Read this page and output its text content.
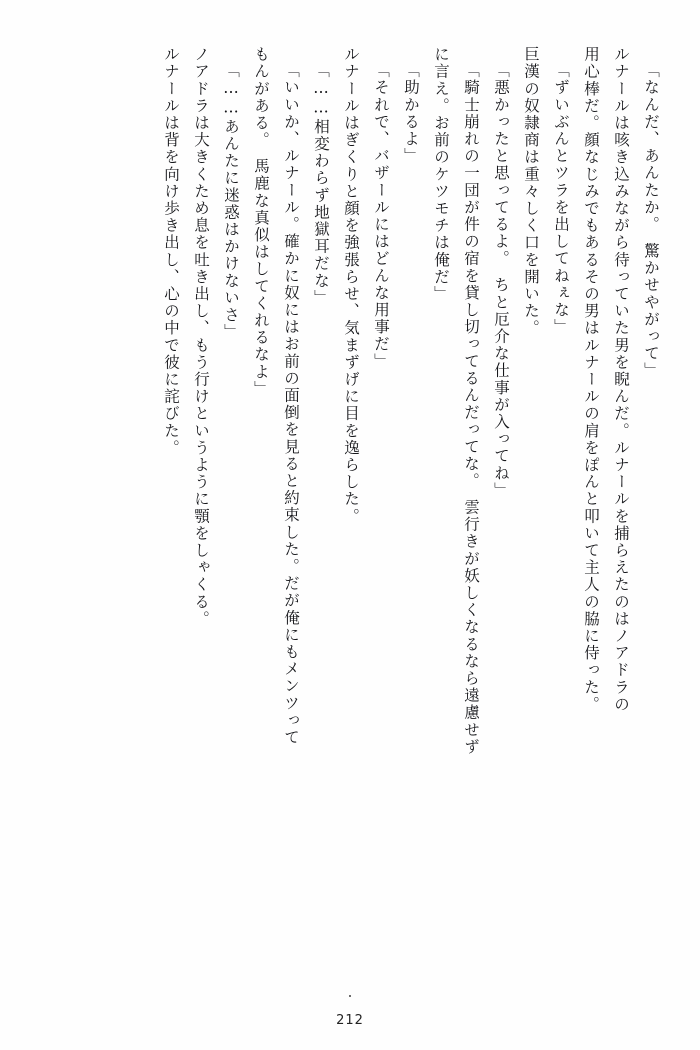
「なんだ、あんたか。　驚かせやがって」
ルナールは咳き込みながら待っていた男を睨んだ。ルナールを捕らえたのはノアドラの
用心棒だ。顔なじみでもあるその男はルナールの肩をぽんと叩いて主人の脇に侍った。
「ずいぶんとツラを出してねぇな」
巨漢の奴隷商は重々しく口を開いた。
「悪かったと思ってるよ。　ちと厄介な仕事が入ってね」
「騎士崩れの一団が件の宿を貸し切ってるんだってな。　雲行きが妖しくなるなら遠慮せず
に言え。お前のケツモチは俺だ」
「助かるよ」
「それで、バザールにはどんな用事だ」
ルナールはぎくりと顔を強張らせ、気まずげに目を逸らした。
「……相変わらず地獄耳だな」
「いいか、ルナール。確かに奴にはお前の面倒を見ると約束した。だが俺にもメンツって
もんがある。　馬鹿な真似はしてくれるなよ」
「……あんたに迷惑はかけないさ」
ノアドラは大きくため息を吐き出し、もう行けというように顎をしゃくる。
ルナールは背を向け歩き出し、心の中で彼に詫びた。
・
212
